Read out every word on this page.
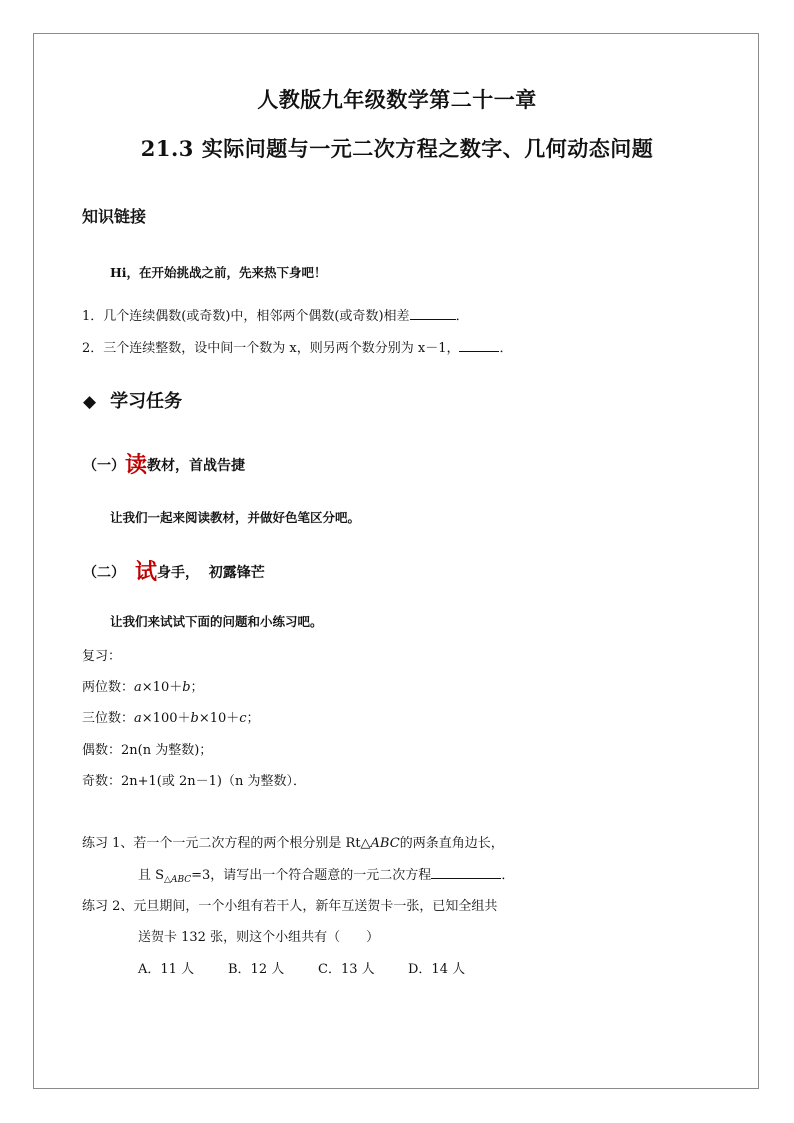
人教版九年级数学第二十一章
21.3 实际问题与一元二次方程之数字、几何动态问题
知识链接
Hi，在开始挑战之前，先来热下身吧！
1．几个连续偶数(或奇数)中，相邻两个偶数(或奇数)相差	．
2．三个连续整数，设中间一个数为 x，则另两个数分别为 x－1，	．
◆ 学习任务
（一）读教材，首战告捷
让我们一起来阅读教材，并做好色笔区分吧。
（二） 试身手，  初露锋芒
让我们来试试下面的问题和小练习吧。
复习：
两位数：a×10＋b；
三位数：a×100＋b×10＋c；
偶数：2n(n 为整数)；
奇数：2n+1(或 2n－1)（n 为整数）．
练习 1、若一个一元二次方程的两个根分别是 Rt△ABC的两条直角边长，
且 $S_{\triangle ABC}=3$，请写出一个符合题意的一元二次方程	．
练习 2、元旦期间，一个小组有若干人，新年互送贺卡一张，已知全组共
送贺卡 132 张，则这个小组共有（　　）
A．11 人	B．12 人	C．13 人	D．14 人
